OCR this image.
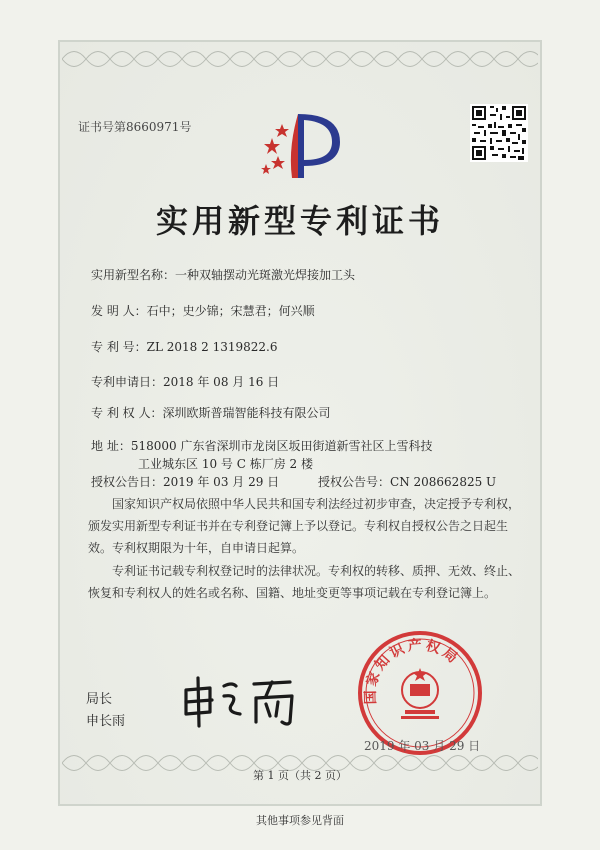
证书号第8660971号
实用新型专利证书
实用新型名称：一种双轴摆动光斑激光焊接加工头
发 明 人：石中；史少锦；宋慧君；何兴顺
专 利 号：ZL 2018 2 1319822.6
专利申请日：2018 年 08 月 16 日
专 利 权 人：深圳欧斯普瑞智能科技有限公司
地 址：518000 广东省深圳市龙岗区坂田街道新雪社区上雪科技
工业城东区 10 号 C 栋厂房 2 楼
授权公告日：2019 年 03 月 29 日	授权公告号：CN 208662825 U
国家知识产权局依照中华人民共和国专利法经过初步审查，决定授予专利权，颁发实用新型专利证书并在专利登记簿上予以登记。专利权自授权公告之日起生效。专利权期限为十年，自申请日起算。
专利证书记载专利权登记时的法律状况。专利权的转移、质押、无效、终止、恢复和专利权人的姓名或名称、国籍、地址变更等事项记载在专利登记簿上。
局长
申长雨
国家知识产权局
2019 年 03 月 29 日
第 1 页（共 2 页）
其他事项参见背面
